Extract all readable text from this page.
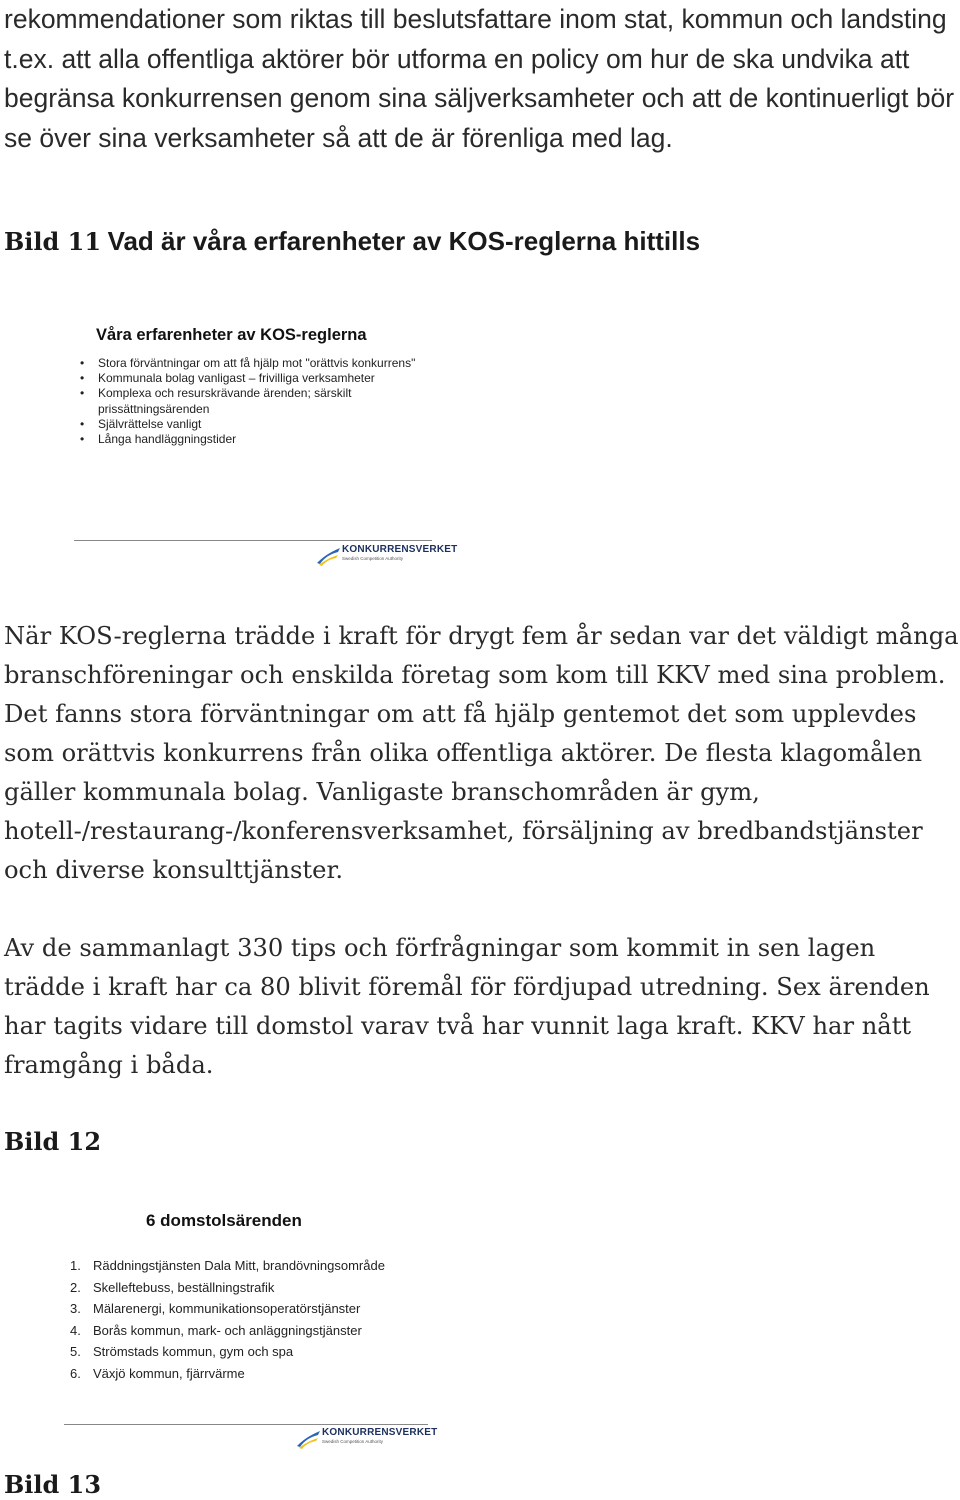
rekommendationer som riktas till beslutsfattare inom stat, kommun och landsting t.ex. att alla offentliga aktörer bör utforma en policy om hur de ska undvika att begränsa konkurrensen genom sina säljverksamheter och att de kontinuerligt bör se över sina verksamheter så att de är förenliga med lag.

Bild 11 Vad är våra erfarenheter av KOS-reglerna hittills
Våra erfarenheter av KOS-reglerna
• Stora förväntningar om att få hjälp mot "orättvis konkurrens"
• Kommunala bolag vanligast – frivilliga verksamheter
• Komplexa och resurskrävande ärenden; särskilt prissättningsärenden
• Självrättelse vanligt
• Långa handläggningstider
KONKURRENSVERKET
Swedish Competition Authority

När KOS-reglerna trädde i kraft för drygt fem år sedan var det väldigt många branschföreningar och enskilda företag som kom till KKV med sina problem. Det fanns stora förväntningar om att få hjälp gentemot det som upplevdes som orättvis konkurrens från olika offentliga aktörer. De flesta klagomålen gäller kommunala bolag. Vanligaste branschområden är gym, hotell-/restaurang-/konferensverksamhet, försäljning av bredbandstjänster och diverse konsulttjänster.

Av de sammanlagt 330 tips och förfrågningar som kommit in sen lagen trädde i kraft har ca 80 blivit föremål för fördjupad utredning. Sex ärenden har tagits vidare till domstol varav två har vunnit laga kraft. KKV har nått framgång i båda.

Bild 12
6 domstolsärenden
1. Räddningstjänsten Dala Mitt, brandövningsområde
2. Skelleftebuss, beställningstrafik
3. Mälarenergi, kommunikationsoperatörstjänster
4. Borås kommun, mark- och anläggningstjänster
5. Strömstads kommun, gym och spa
6. Växjö kommun, fjärrvärme
KONKURRENSVERKET
Swedish Competition Authority
Bild 13
